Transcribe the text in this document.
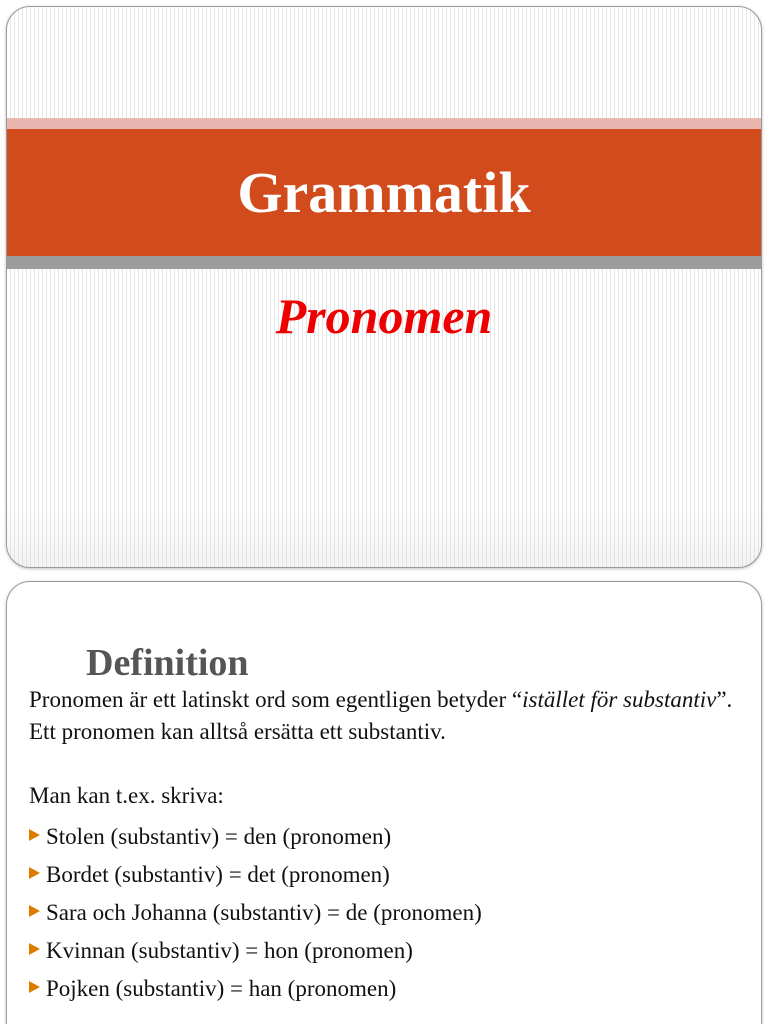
Grammatik
Pronomen
Definition

Pronomen är ett latinskt ord som egentligen betyder “istället för substantiv”. Ett pronomen kan alltså ersätta ett substantiv.

Man kan t.ex. skriva:

Stolen (substantiv) = den (pronomen)
Bordet (substantiv) = det (pronomen)
Sara och Johanna (substantiv) = de (pronomen)
Kvinnan (substantiv) = hon (pronomen)
Pojken (substantiv) = han (pronomen)
